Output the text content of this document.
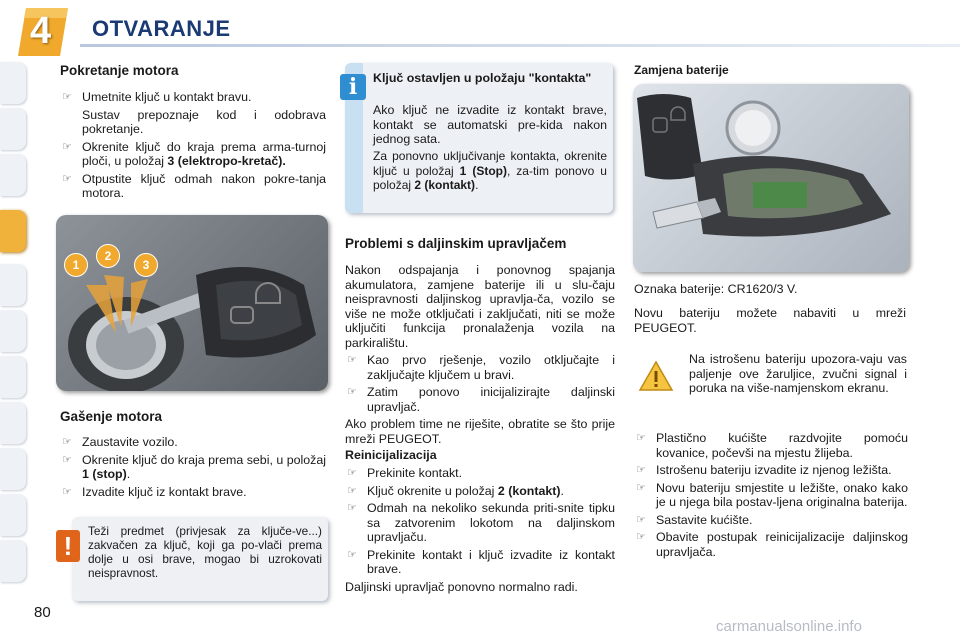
4 OTVARANJE
Pokretanje motora
☞ Umetnite ključ u kontakt bravu.
Sustav prepoznaje kod i odobrava pokretanje.
☞ Okrenite ključ do kraja prema arma-turnoj ploči, u položaj 3 (elektropo-kretač).
☞ Otpustite ključ odmah nakon pokre-tanja motora.
1
2
3
Gašenje motora
☞ Zaustavite vozilo.
☞ Okrenite ključ do kraja prema sebi, u položaj 1 (stop).
☞ Izvadite ključ iz kontakt brave.

Teži predmet (privjesak za ključe-ve...) zakvačen za ključ, koji ga po-vlači prema dolje u osi brave, mogao bi uzrokovati neispravnost.

!

Ključ ostavljen u položaju "kontakta"

Ako ključ ne izvadite iz kontakt brave, kontakt se automatski pre-kida nakon jednog sata.

Za ponovno uključivanje kontakta, okrenite ključ u položaj 1 (Stop), za-tim ponovo u položaj 2 (kontakt).

i
Problemi s daljinskim upravljačem

Nakon odspajanja i ponovnog spajanja akumulatora, zamjene baterije ili u slu-čaju neispravnosti daljinskog upravlja-ča, vozilo se više ne može otključati i zaključati, niti se može uključiti funkcija pronalaženja vozila na parkiralištu.

☞ Kao prvo rješenje, vozilo otključajte i zaključajte ključem u bravi.
☞ Zatim ponovo inicijalizirajte daljinski upravljač.

Ako problem time ne riješite, obratite se što prije mreži PEUGEOT.

Reinicijalizacija

☞ Prekinite kontakt.
☞ Ključ okrenite u položaj 2 (kontakt).
☞ Odmah na nekoliko sekunda priti-snite tipku sa zatvorenim lokotom na daljinskom upravljaču.
☞ Prekinite kontakt i ključ izvadite iz kontakt brave.

Daljinski upravljač ponovno normalno radi.

Zamjena baterije

Oznaka baterije: CR1620/3 V.

Novu bateriju možete nabaviti u mreži PEUGEOT.

Na istrošenu bateriju upozora-vaju vas paljenje ove žaruljice, zvučni signal i poruka na više-namjenskom ekranu.

☞ Plastično kućište razdvojite pomoću kovanice, počevši na mjestu žlijeba.
☞ Istrošenu bateriju izvadite iz njenog ležišta.
☞ Novu bateriju smjestite u ležište, onako kako je u njega bila postav-ljena originalna baterija.
☞ Sastavite kućište.
☞ Obavite postupak reinicijalizacije daljinskog upravljača.
80
carmanualsonline.info
